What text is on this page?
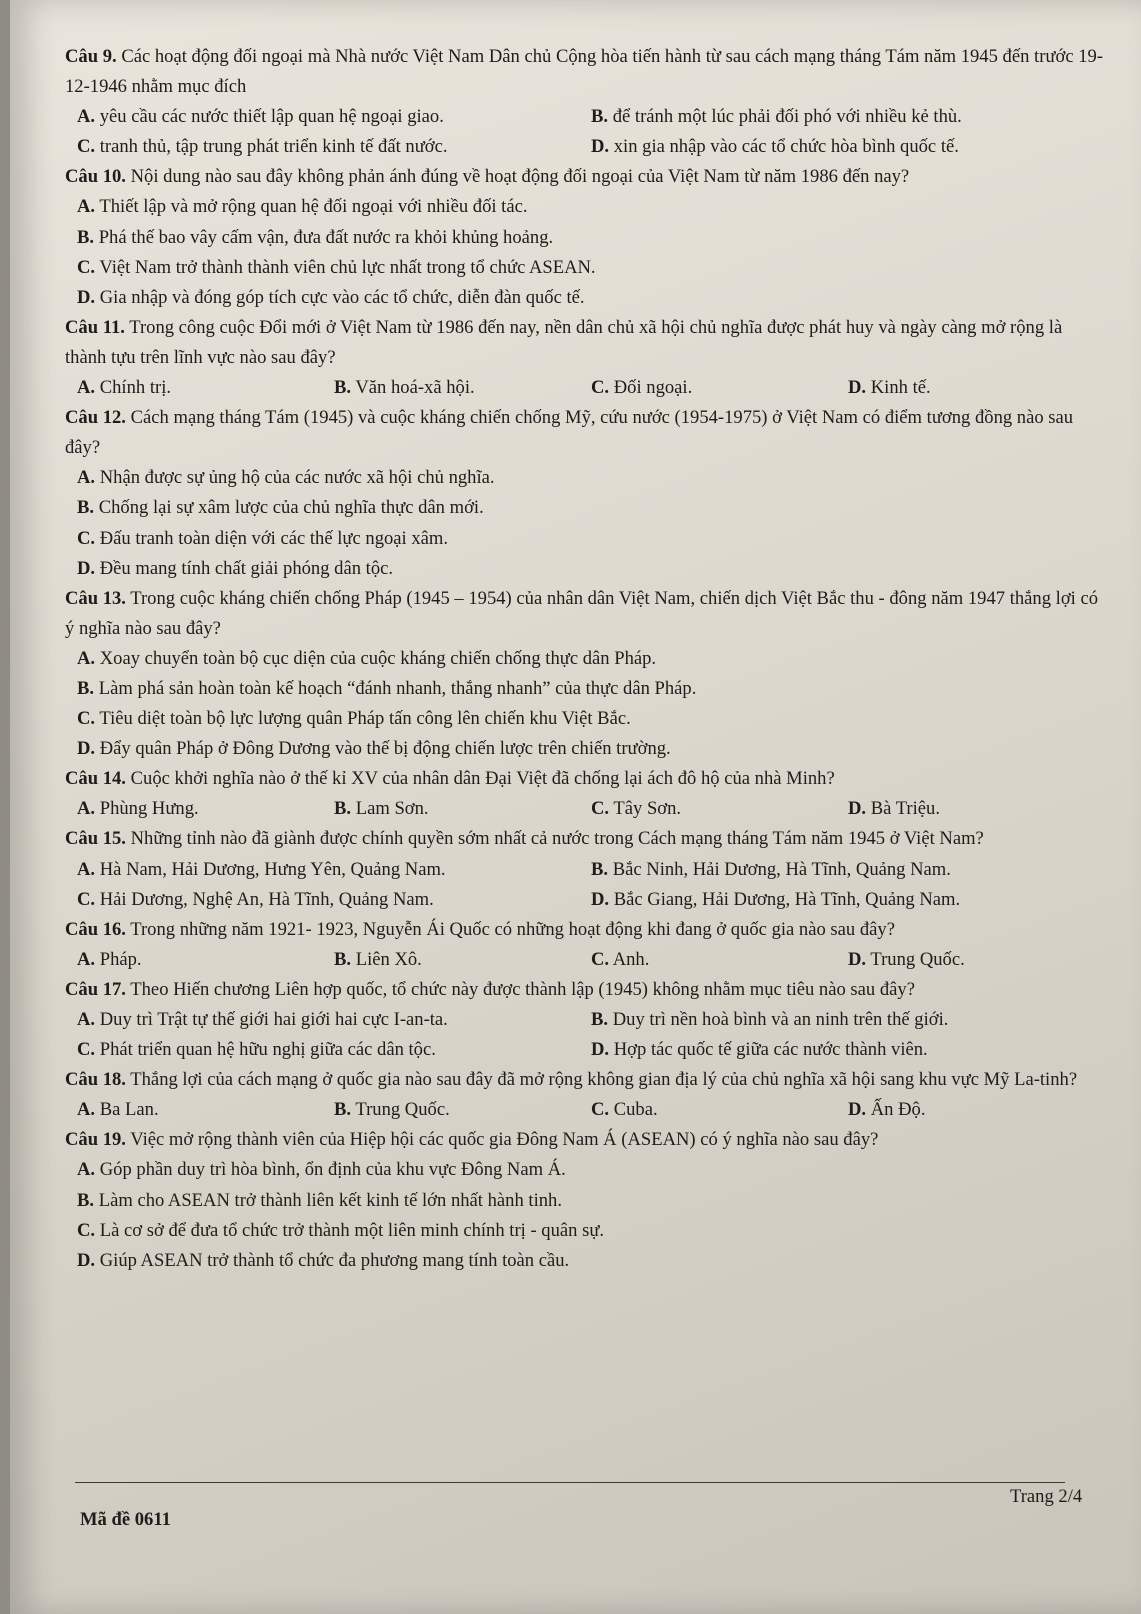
Câu 9. Các hoạt động đối ngoại mà Nhà nước Việt Nam Dân chủ Cộng hòa tiến hành từ sau cách mạng tháng Tám năm 1945 đến trước 19-12-1946 nhằm mục đích

A. yêu cầu các nước thiết lập quan hệ ngoại giao.	B. để tránh một lúc phải đối phó với nhiều kẻ thù.
C. tranh thủ, tập trung phát triển kinh tế đất nước.	D. xin gia nhập vào các tổ chức hòa bình quốc tế.

Câu 10. Nội dung nào sau đây không phản ánh đúng về hoạt động đối ngoại của Việt Nam từ năm 1986 đến nay?

A. Thiết lập và mở rộng quan hệ đối ngoại với nhiều đối tác.
B. Phá thế bao vây cấm vận, đưa đất nước ra khỏi khủng hoảng.
C. Việt Nam trở thành thành viên chủ lực nhất trong tổ chức ASEAN.
D. Gia nhập và đóng góp tích cực vào các tổ chức, diễn đàn quốc tế.

Câu 11. Trong công cuộc Đổi mới ở Việt Nam từ 1986 đến nay, nền dân chủ xã hội chủ nghĩa được phát huy và ngày càng mở rộng là thành tựu trên lĩnh vực nào sau đây?

A. Chính trị.	B. Văn hoá-xã hội.	C. Đối ngoại.	D. Kinh tế.

Câu 12. Cách mạng tháng Tám (1945) và cuộc kháng chiến chống Mỹ, cứu nước (1954-1975) ở Việt Nam có điểm tương đồng nào sau đây?

A. Nhận được sự ủng hộ của các nước xã hội chủ nghĩa.
B. Chống lại sự xâm lược của chủ nghĩa thực dân mới.
C. Đấu tranh toàn diện với các thế lực ngoại xâm.
D. Đều mang tính chất giải phóng dân tộc.

Câu 13. Trong cuộc kháng chiến chống Pháp (1945 – 1954) của nhân dân Việt Nam, chiến dịch Việt Bắc thu - đông năm 1947 thắng lợi có ý nghĩa nào sau đây?

A. Xoay chuyển toàn bộ cục diện của cuộc kháng chiến chống thực dân Pháp.
B. Làm phá sản hoàn toàn kế hoạch “đánh nhanh, thắng nhanh” của thực dân Pháp.
C. Tiêu diệt toàn bộ lực lượng quân Pháp tấn công lên chiến khu Việt Bắc.
D. Đẩy quân Pháp ở Đông Dương vào thế bị động chiến lược trên chiến trường.

Câu 14. Cuộc khởi nghĩa nào ở thế kỉ XV của nhân dân Đại Việt đã chống lại ách đô hộ của nhà Minh?

A. Phùng Hưng.	B. Lam Sơn.	C. Tây Sơn.	D. Bà Triệu.

Câu 15. Những tỉnh nào đã giành được chính quyền sớm nhất cả nước trong Cách mạng tháng Tám năm 1945 ở Việt Nam?

A. Hà Nam, Hải Dương, Hưng Yên, Quảng Nam.	B. Bắc Ninh, Hải Dương, Hà Tĩnh, Quảng Nam.
C. Hải Dương, Nghệ An, Hà Tĩnh, Quảng Nam.	D. Bắc Giang, Hải Dương, Hà Tĩnh, Quảng Nam.

Câu 16. Trong những năm 1921- 1923, Nguyễn Ái Quốc có những hoạt động khi đang ở quốc gia nào sau đây?

A. Pháp.	B. Liên Xô.	C. Anh.	D. Trung Quốc.

Câu 17. Theo Hiến chương Liên hợp quốc, tổ chức này được thành lập (1945) không nhằm mục tiêu nào sau đây?

A. Duy trì Trật tự thế giới hai giới hai cực I-an-ta.	B. Duy trì nền hoà bình và an ninh trên thế giới.
C. Phát triển quan hệ hữu nghị giữa các dân tộc.	D. Hợp tác quốc tế giữa các nước thành viên.

Câu 18. Thắng lợi của cách mạng ở quốc gia nào sau đây đã mở rộng không gian địa lý của chủ nghĩa xã hội sang khu vực Mỹ La-tinh?

A. Ba Lan.	B. Trung Quốc.	C. Cuba.	D. Ấn Độ.

Câu 19. Việc mở rộng thành viên của Hiệp hội các quốc gia Đông Nam Á (ASEAN) có ý nghĩa nào sau đây?

A. Góp phần duy trì hòa bình, ổn định của khu vực Đông Nam Á.
B. Làm cho ASEAN trở thành liên kết kinh tế lớn nhất hành tinh.
C. Là cơ sở để đưa tổ chức trở thành một liên minh chính trị - quân sự.
D. Giúp ASEAN trở thành tổ chức đa phương mang tính toàn cầu.
Trang 2/4
Mã đề 0611
